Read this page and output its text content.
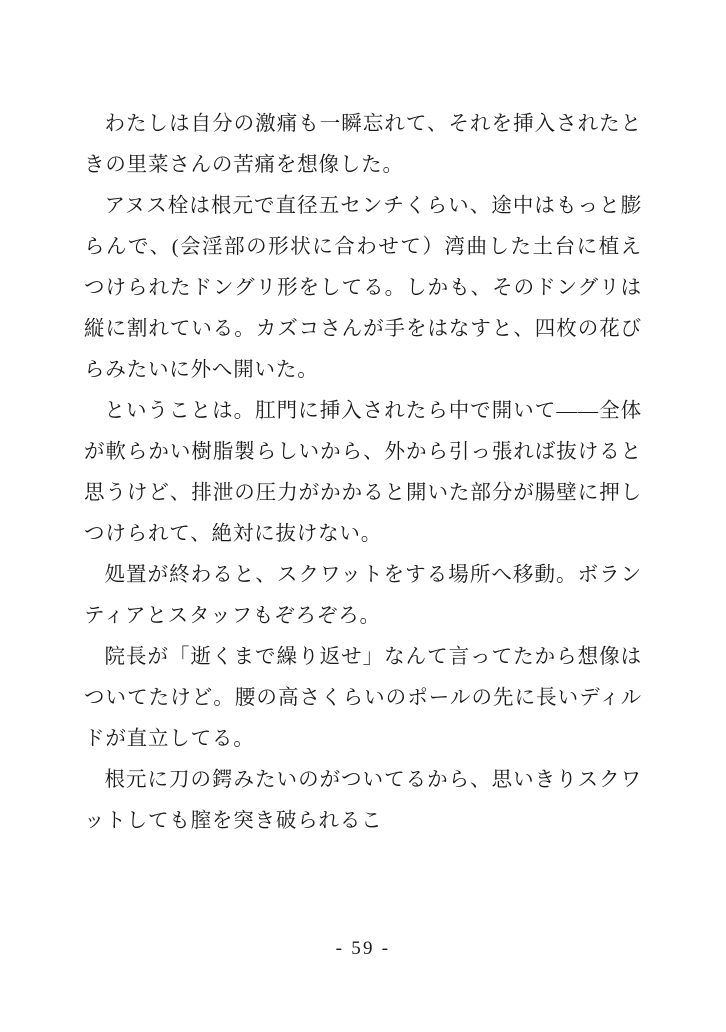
わたしは自分の激痛も一瞬忘れて、それを挿入されたときの里菜さんの苦痛を想像した。

アヌス栓は根元で直径五センチくらい、途中はもっと膨らんで、(会淫部の形状に合わせて）湾曲した土台に植えつけられたドングリ形をしてる。しかも、そのドングリは縦に割れている。カズコさんが手をはなすと、四枚の花びらみたいに外へ開いた。

ということは。肛門に挿入されたら中で開いて——全体が軟らかい樹脂製らしいから、外から引っ張れば抜けると思うけど、排泄の圧力がかかると開いた部分が腸壁に押しつけられて、絶対に抜けない。

処置が終わると、スクワットをする場所へ移動。ボランティアとスタッフもぞろぞろ。

院長が「逝くまで繰り返せ」なんて言ってたから想像はついてたけど。腰の高さくらいのポールの先に長いディルドが直立してる。

根元に刀の鍔みたいのがついてるから、思いきりスクワットしても膣を突き破られるこ

- 59 -
